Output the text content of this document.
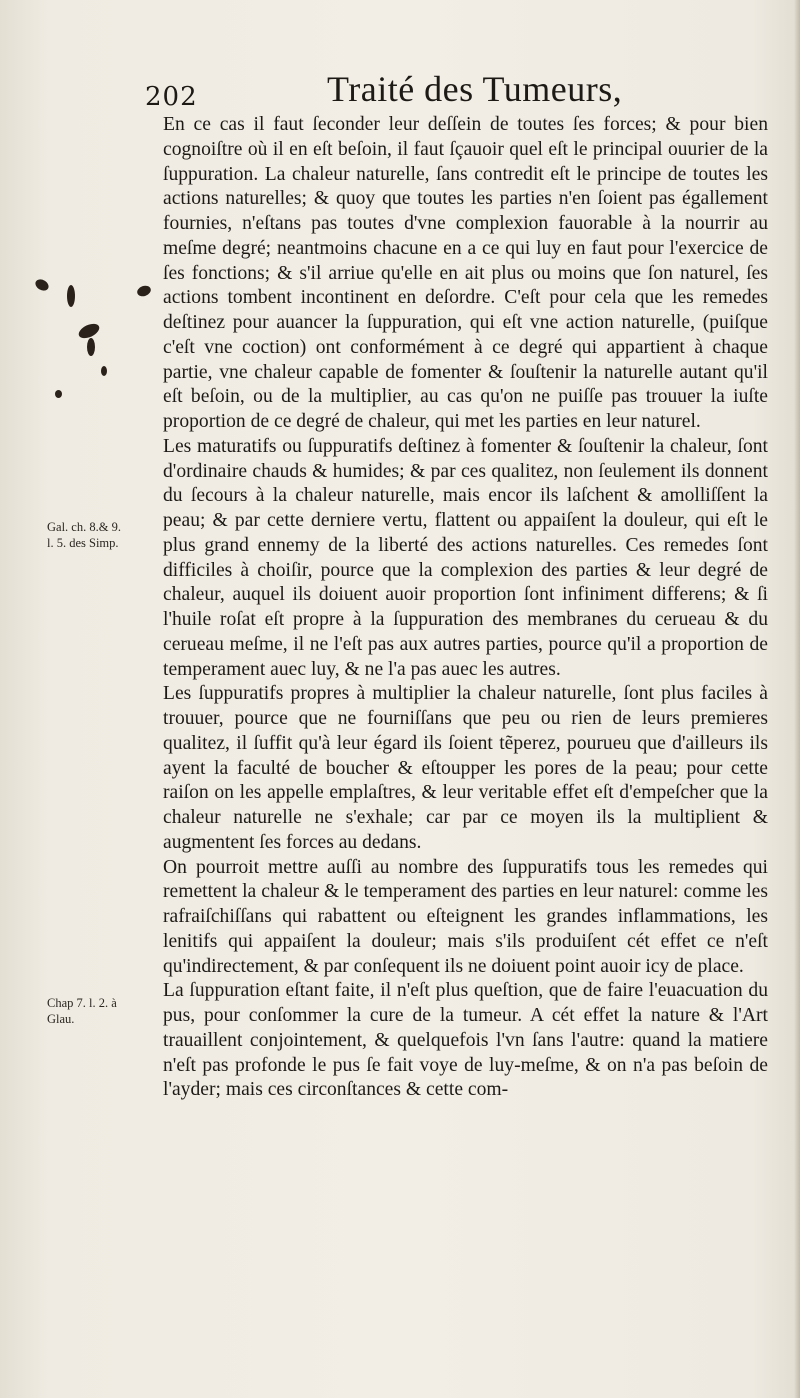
202	Traité des Tumeurs,
Gal. ch. 8.& 9.
l. 5. des Simp.
Chap 7. l. 2. à
Glau.

En ce cas il faut ſeconder leur deſſein de toutes ſes forces; & pour bien cognoiſtre où il en eſt beſoin, il faut ſçauoir quel eſt le principal ouurier de la ſuppuration. La chaleur naturelle, ſans contredit eſt le principe de toutes les actions naturelles; & quoy que toutes les parties n'en ſoient pas égallement fournies, n'eſtans pas toutes d'vne complexion fauorable à la nourrir au meſme degré; neantmoins chacune en a ce qui luy en faut pour l'exercice de ſes fonctions; & s'il arriue qu'elle en ait plus ou moins que ſon naturel, ſes actions tombent incontinent en deſordre. C'eſt pour cela que les remedes deſtinez pour auancer la ſuppuration, qui eſt vne action naturelle, (puiſque c'eſt vne coction) ont conformément à ce degré qui appartient à chaque partie, vne chaleur capable de fomenter & ſouſtenir la naturelle autant qu'il eſt beſoin, ou de la multiplier, au cas qu'on ne puiſſe pas trouuer la iuſte proportion de ce degré de chaleur, qui met les parties en leur naturel.

Les maturatifs ou ſuppuratifs deſtinez à fomenter & ſouſtenir la chaleur, ſont d'ordinaire chauds & humides; & par ces qualitez, non ſeulement ils donnent du ſecours à la chaleur naturelle, mais encor ils laſchent & amolliſſent la peau; & par cette derniere vertu, flattent ou appaiſent la douleur, qui eſt le plus grand ennemy de la liberté des actions naturelles. Ces remedes ſont difficiles à choiſir, pource que la complexion des parties & leur degré de chaleur, auquel ils doiuent auoir proportion ſont infiniment differens; & ſi l'huile roſat eſt propre à la ſuppuration des membranes du cerueau & du cerueau meſme, il ne l'eſt pas aux autres parties, pource qu'il a proportion de temperament auec luy, & ne l'a pas auec les autres.

Les ſuppuratifs propres à multiplier la chaleur naturelle, ſont plus faciles à trouuer, pource que ne fourniſſans que peu ou rien de leurs premieres qualitez, il ſuffit qu'à leur égard ils ſoient tẽperez, pourueu que d'ailleurs ils ayent la faculté de boucher & eſtoupper les pores de la peau; pour cette raiſon on les appelle emplaſtres, & leur veritable effet eſt d'empeſcher que la chaleur naturelle ne s'exhale; car par ce moyen ils la multiplient & augmentent ſes forces au dedans.

On pourroit mettre auſſi au nombre des ſuppuratifs tous les remedes qui remettent la chaleur & le temperament des parties en leur naturel: comme les rafraiſchiſſans qui rabattent ou eſteignent les grandes inflammations, les lenitifs qui appaiſent la douleur; mais s'ils produiſent cét effet ce n'eſt qu'indirectement, & par conſequent ils ne doiuent point auoir icy de place.

La ſuppuration eſtant faite, il n'eſt plus queſtion, que de faire l'euacuation du pus, pour conſommer la cure de la tumeur. A cét effet la nature & l'Art trauaillent conjointement, & quelquefois l'vn ſans l'autre: quand la matiere n'eſt pas profonde le pus ſe fait voye de luy-meſme, & on n'a pas beſoin de l'ayder; mais ces circonſtances & cette com-
